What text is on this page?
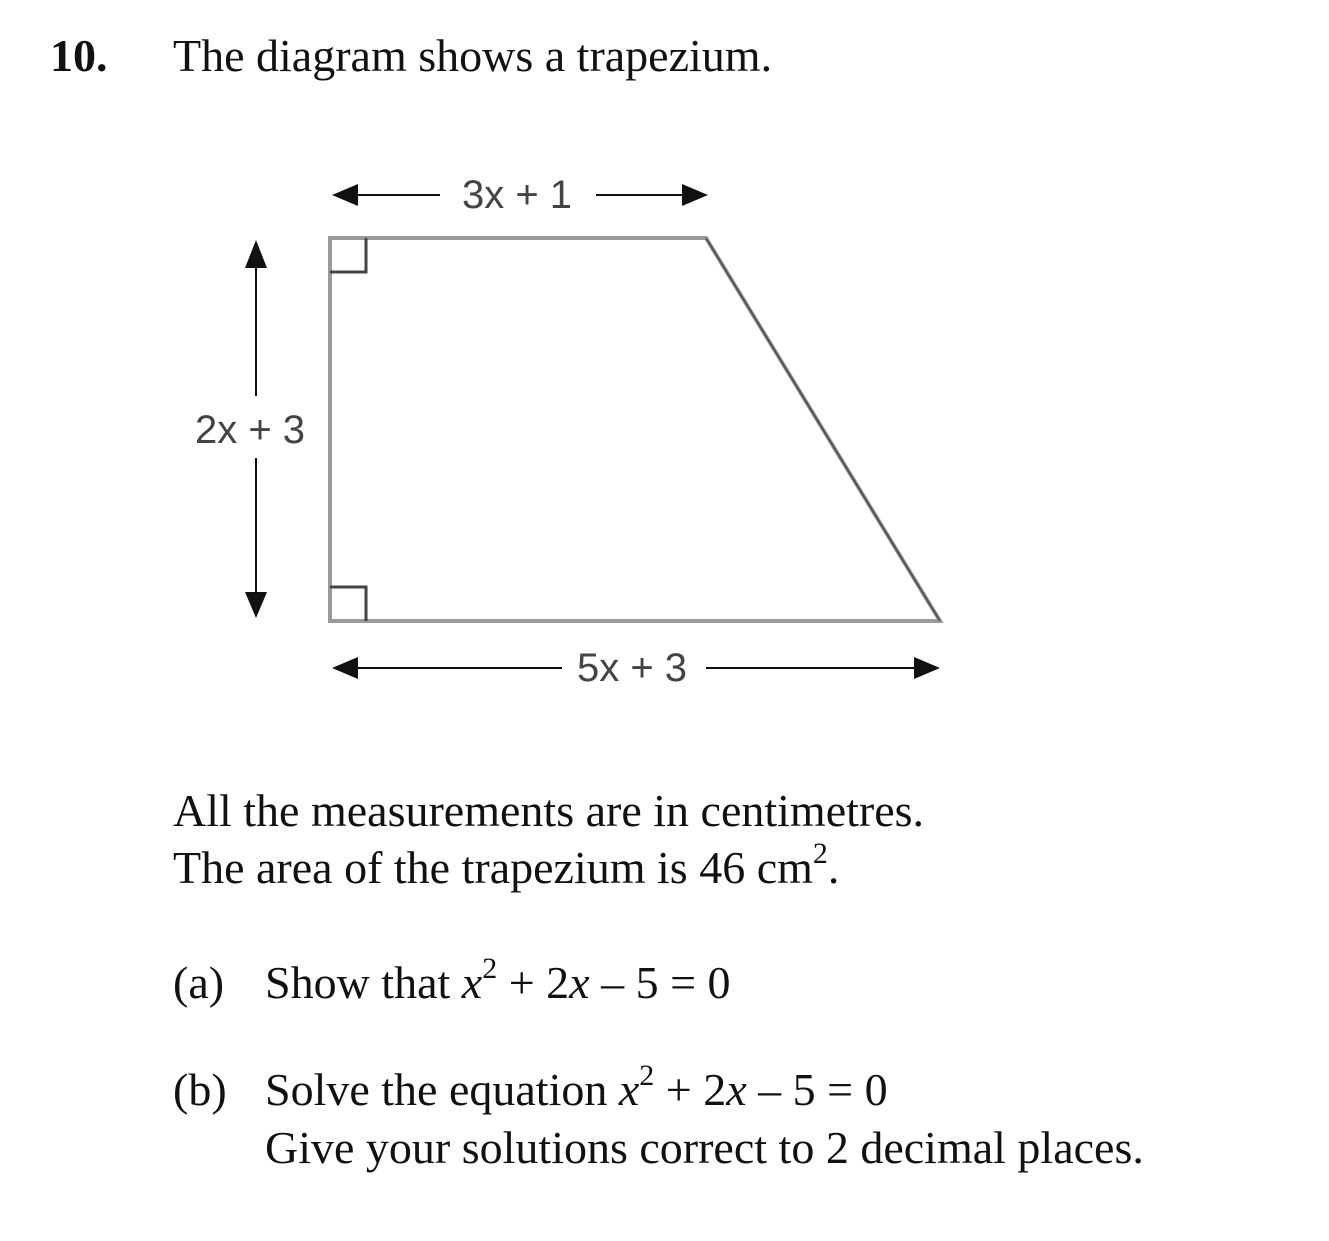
10. The diagram shows a trapezium.
3x + 1
2x + 3
5x + 3
All the measurements are in centimetres.
The area of the trapezium is 46 $cm^2$.
(a) Show that $x^2 + 2x - 5 = 0$
(b) Solve the equation $x^2 + 2x - 5 = 0$
Give your solutions correct to 2 decimal places.
